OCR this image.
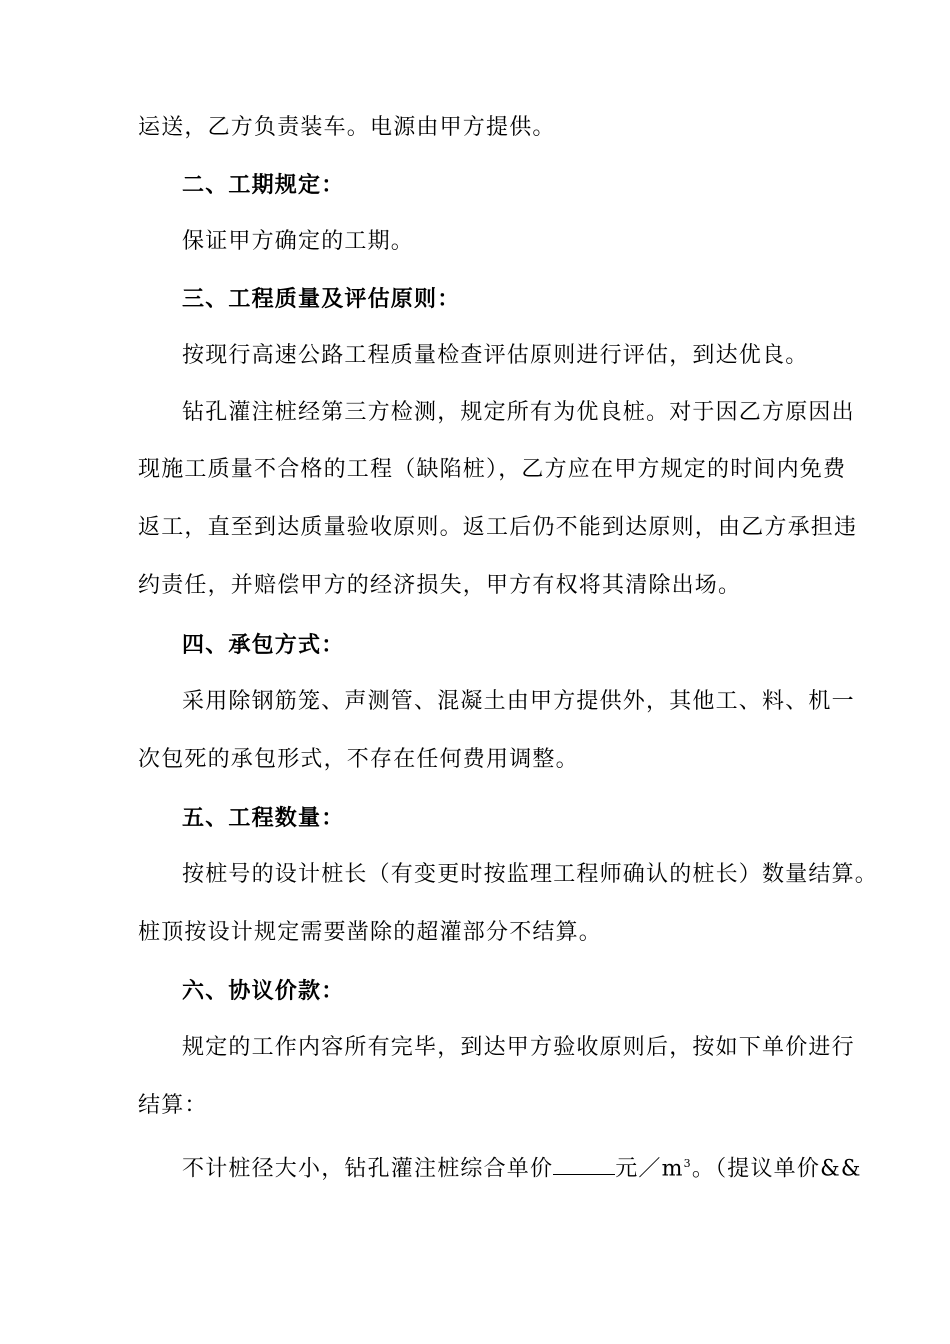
运送，乙方负责装车。电源由甲方提供。
二、工期规定：
保证甲方确定的工期。
三、工程质量及评估原则：
按现行高速公路工程质量检查评估原则进行评估，到达优良。
钻孔灌注桩经第三方检测，规定所有为优良桩。对于因乙方原因出
现施工质量不合格的工程（缺陷桩），乙方应在甲方规定的时间内免费
返工，直至到达质量验收原则。返工后仍不能到达原则，由乙方承担违
约责任，并赔偿甲方的经济损失，甲方有权将其清除出场。
四、承包方式：
采用除钢筋笼、声测管、混凝土由甲方提供外，其他工、料、机一
次包死的承包形式，不存在任何费用调整。
五、工程数量：
按桩号的设计桩长（有变更时按监理工程师确认的桩长）数量结算。
桩顶按设计规定需要凿除的超灌部分不结算。
六、协议价款：
规定的工作内容所有完毕，到达甲方验收原则后，按如下单价进行
结算：
不计桩径大小，钻孔灌注桩综合单价	元$/m^3$。（提议单价&&
